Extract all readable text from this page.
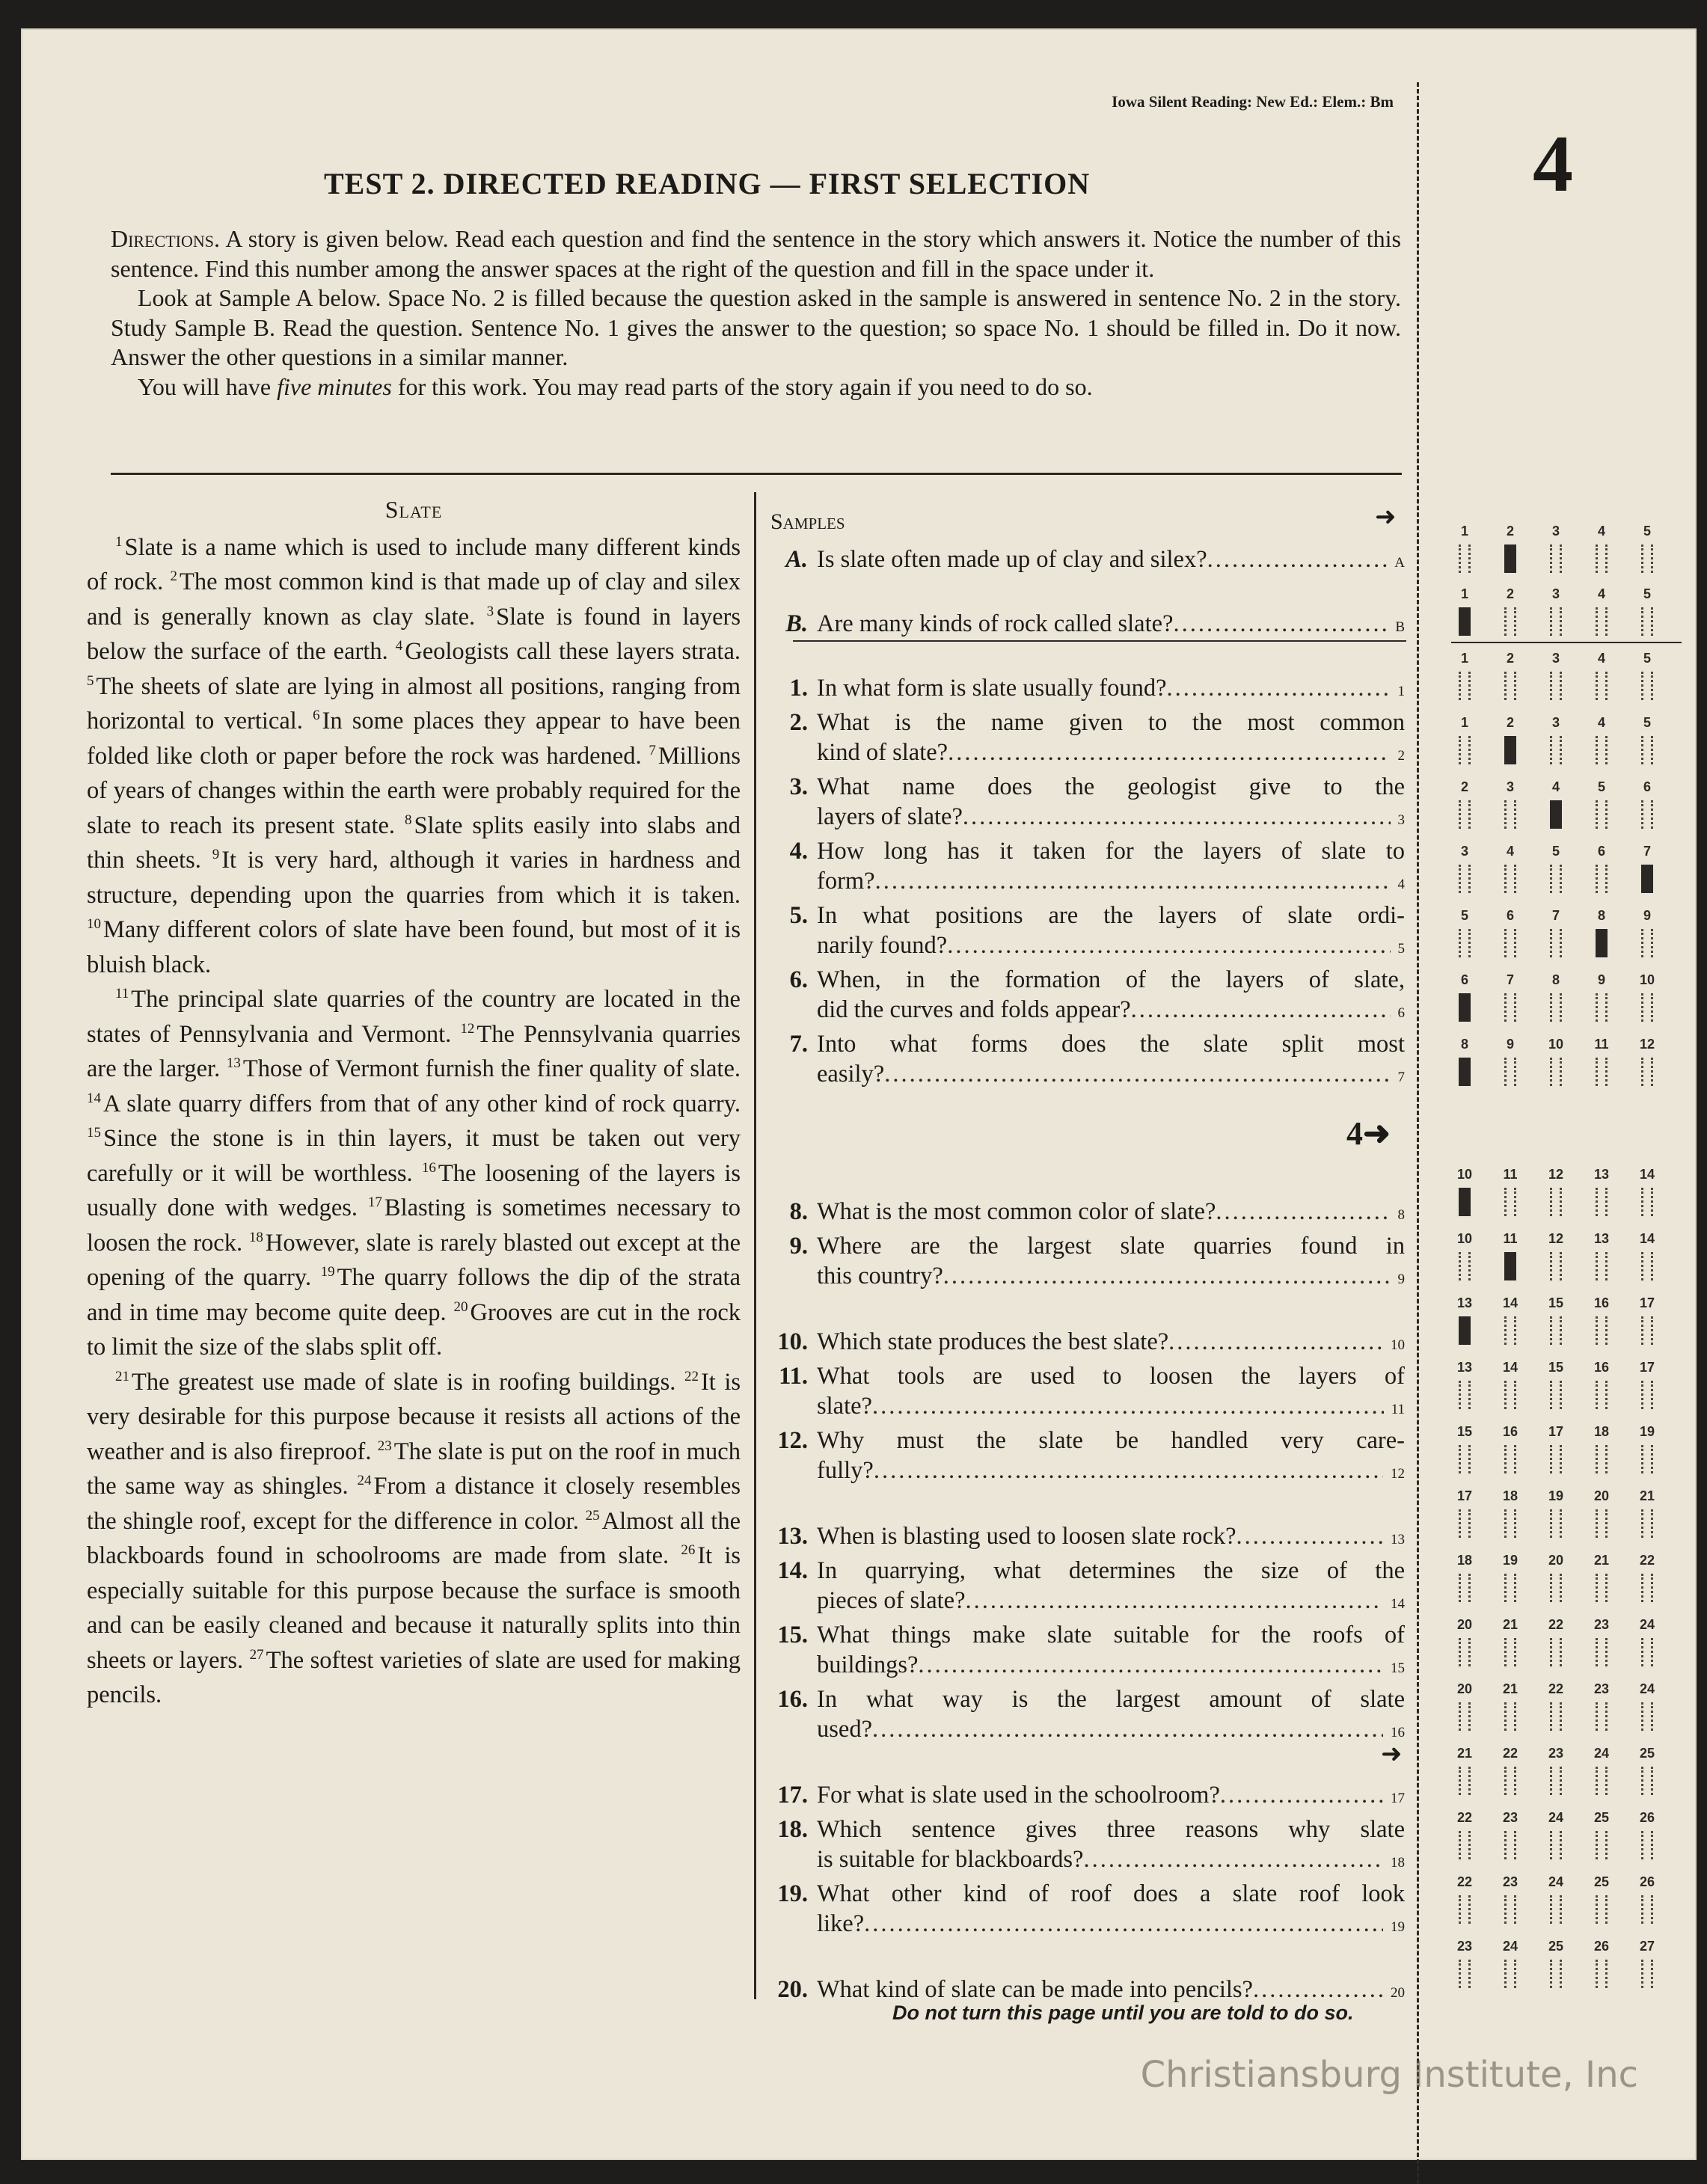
Iowa Silent Reading: New Ed.: Elem.: Bm
4
TEST 2. DIRECTED READING — FIRST SELECTION

Directions. A story is given below. Read each question and find the sentence in the story which answers it. Notice the number of this sentence. Find this number among the answer spaces at the right of the question and fill in the space under it.

Look at Sample A below. Space No. 2 is filled because the question asked in the sample is answered in sentence No. 2 in the story. Study Sample B. Read the question. Sentence No. 1 gives the answer to the question; so space No. 1 should be filled in. Do it now. Answer the other questions in a similar manner.

You will have five minutes for this work. You may read parts of the story again if you need to do so.

Slate

$^1$Slate is a name which is used to include many different kinds of rock. $^2$The most common kind is that made up of clay and silex and is generally known as clay slate. $^3$Slate is found in layers below the surface of the earth. $^4$Geologists call these layers strata. $^5$The sheets of slate are lying in almost all positions, ranging from horizontal to vertical. $^6$In some places they appear to have been folded like cloth or paper before the rock was hardened. $^7$Millions of years of changes within the earth were probably required for the slate to reach its present state. $^8$Slate splits easily into slabs and thin sheets. $^9$It is very hard, although it varies in hardness and structure, depending upon the quarries from which it is taken. $^{10}$Many different colors of slate have been found, but most of it is bluish black.

$^{11}$The principal slate quarries of the country are located in the states of Pennsylvania and Vermont. $^{12}$The Pennsylvania quarries are the larger. $^{13}$Those of Vermont furnish the finer quality of slate. $^{14}$A slate quarry differs from that of any other kind of rock quarry. $^{15}$Since the stone is in thin layers, it must be taken out very carefully or it will be worthless. $^{16}$The loosening of the layers is usually done with wedges. $^{17}$Blasting is sometimes necessary to loosen the rock. $^{18}$However, slate is rarely blasted out except at the opening of the quarry. $^{19}$The quarry follows the dip of the strata and in time may become quite deep. $^{20}$Grooves are cut in the rock to limit the size of the slabs split off.

$^{21}$The greatest use made of slate is in roofing buildings. $^{22}$It is very desirable for this purpose because it resists all actions of the weather and is also fireproof. $^{23}$The slate is put on the roof in much the same way as shingles. $^{24}$From a distance it closely resembles the shingle roof, except for the difference in color. $^{25}$Almost all the blackboards found in schoolrooms are made from slate. $^{26}$It is especially suitable for this purpose because the surface is smooth and can be easily cleaned and because it naturally splits into thin sheets or layers. $^{27}$The softest varieties of slate are used for making pencils.

Samples	➜
4➜
➜
A. Is slate often made up of clay and silex? .....	A
B. Are many kinds of rock called slate? .....	B
1. In what form is slate usually found? .....	1
2. What is the name given to the most common
kind of slate? .....	2
3. What name does the geologist give to the
layers of slate? .....	3
4. How long has it taken for the layers of slate to
form? .....	4
5. In what positions are the layers of slate ordi-
narily found? .....	5
6. When, in the formation of the layers of slate,
did the curves and folds appear? .....	6
7. Into what forms does the slate split most
easily? .....	7
8. What is the most common color of slate? .....	8
9. Where are the largest slate quarries found in
this country? .....	9
10. Which state produces the best slate? .....	10
11. What tools are used to loosen the layers of
slate? .....	11
12. Why must the slate be handled very care-
fully? .....	12
13. When is blasting used to loosen slate rock? .....	13
14. In quarrying, what determines the size of the
pieces of slate? .....	14
15. What things make slate suitable for the roofs of
buildings? .....	15
16. In what way is the largest amount of slate
used? .....	16
17. For what is slate used in the schoolroom? .....	17
18. Which sentence gives three reasons why slate
is suitable for blackboards? .....	18
19. What other kind of roof does a slate roof look
like? .....	19
20. What kind of slate can be made into pencils? .....	20
1	2	3	4	5
1	2	3	4	5
1	2	3	4	5
1	2	3	4	5
2	3	4	5	6
3	4	5	6	7
5	6	7	8	9
6	7	8	9	10
8	9	10	11	12
10	11	12	13	14
10	11	12	13	14
13	14	15	16	17
13	14	15	16	17
15	16	17	18	19
17	18	19	20	21
18	19	20	21	22
20	21	22	23	24
20	21	22	23	24
21	22	23	24	25
22	23	24	25	26
22	23	24	25	26
23	24	25	26	27
Do not turn this page until you are told to do so.
Christiansburg Institute, Inc
